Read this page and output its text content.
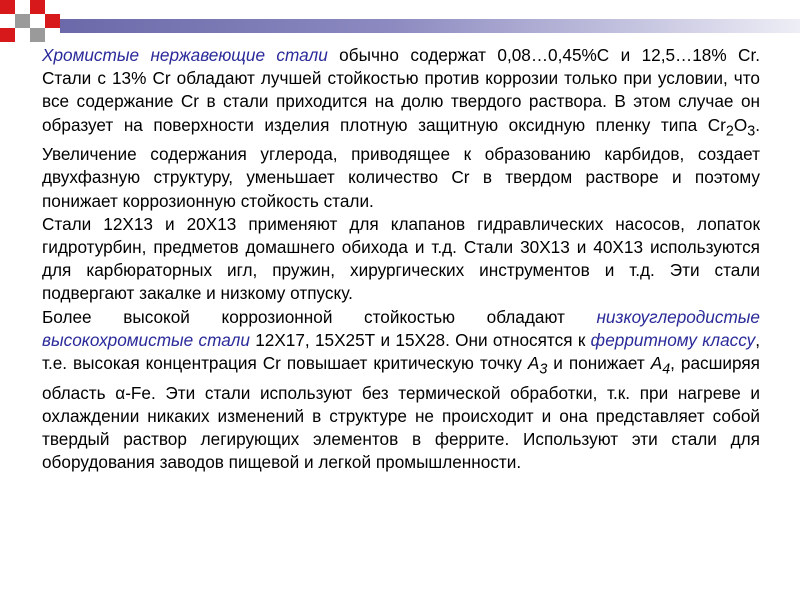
Хромистые нержавеющие стали обычно содержат 0,08…0,45%С и 12,5…18% Cr. Стали с 13% Cr обладают лучшей стойкостью против коррозии только при условии, что все содержание Cr в стали приходится на долю твердого раствора. В этом случае он образует на поверхности изделия плотную защитную оксидную пленку типа $Cr_2O_3$. Увеличение содержания углерода, приводящее к образованию карбидов, создает двухфазную структуру, уменьшает количество Cr в твердом растворе и поэтому понижает коррозионную стойкость стали.

Стали 12Х13 и 20Х13 применяют для клапанов гидравлических насосов, лопаток гидротурбин, предметов домашнего обихода и т.д. Стали 30Х13 и 40Х13 используются для карбюраторных игл, пружин, хирургических инструментов и т.д. Эти стали подвергают закалке и низкому отпуску.

Более высокой коррозионной стойкостью обладают низкоуглеродистые высокохромистые стали 12Х17, 15Х25Т и 15Х28. Они относятся к ферритному классу, т.е. высокая концентрация Cr повышает критическую точку $A_3$ и понижает $A_4$, расширяя область α-Fe. Эти стали используют без термической обработки, т.к. при нагреве и охлаждении никаких изменений в структуре не происходит и она представляет собой твердый раствор легирующих элементов в феррите. Используют эти стали для оборудования заводов пищевой и легкой промышленности.
